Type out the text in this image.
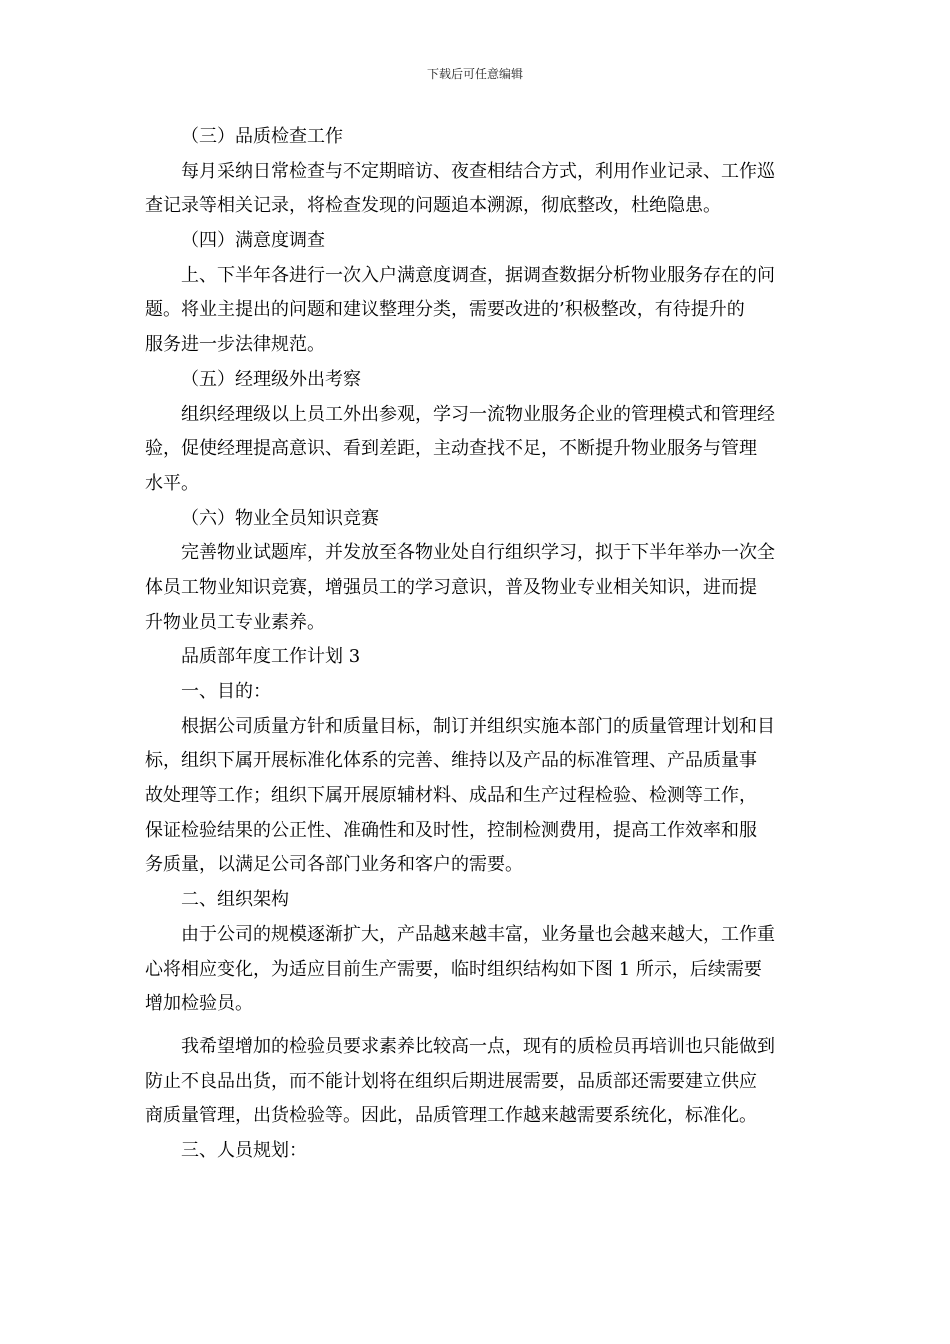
下载后可任意编辑
（三）品质检查工作
每月采纳日常检查与不定期暗访、夜查相结合方式，利用作业记录、工作巡
查记录等相关记录，将检查发现的问题追本溯源，彻底整改，杜绝隐患。
（四）满意度调查
上、下半年各进行一次入户满意度调查，据调查数据分析物业服务存在的问
题。将业主提出的问题和建议整理分类，需要改进的’积极整改，有待提升的
服务进一步法律规范。
（五）经理级外出考察
组织经理级以上员工外出参观，学习一流物业服务企业的管理模式和管理经
验，促使经理提高意识、看到差距，主动查找不足，不断提升物业服务与管理
水平。
（六）物业全员知识竞赛
完善物业试题库，并发放至各物业处自行组织学习，拟于下半年举办一次全
体员工物业知识竞赛，增强员工的学习意识，普及物业专业相关知识，进而提
升物业员工专业素养。
品质部年度工作计划 3
一、目的：
根据公司质量方针和质量目标，制订并组织实施本部门的质量管理计划和目
标，组织下属开展标准化体系的完善、维持以及产品的标准管理、产品质量事
故处理等工作；组织下属开展原辅材料、成品和生产过程检验、检测等工作，
保证检验结果的公正性、准确性和及时性，控制检测费用，提高工作效率和服
务质量，以满足公司各部门业务和客户的需要。
二、组织架构
由于公司的规模逐渐扩大，产品越来越丰富，业务量也会越来越大，工作重
心将相应变化，为适应目前生产需要，临时组织结构如下图 1 所示，后续需要
增加检验员。
我希望增加的检验员要求素养比较高一点，现有的质检员再培训也只能做到
防止不良品出货，而不能计划将在组织后期进展需要，品质部还需要建立供应
商质量管理，出货检验等。因此，品质管理工作越来越需要系统化，标准化。
三、人员规划：
